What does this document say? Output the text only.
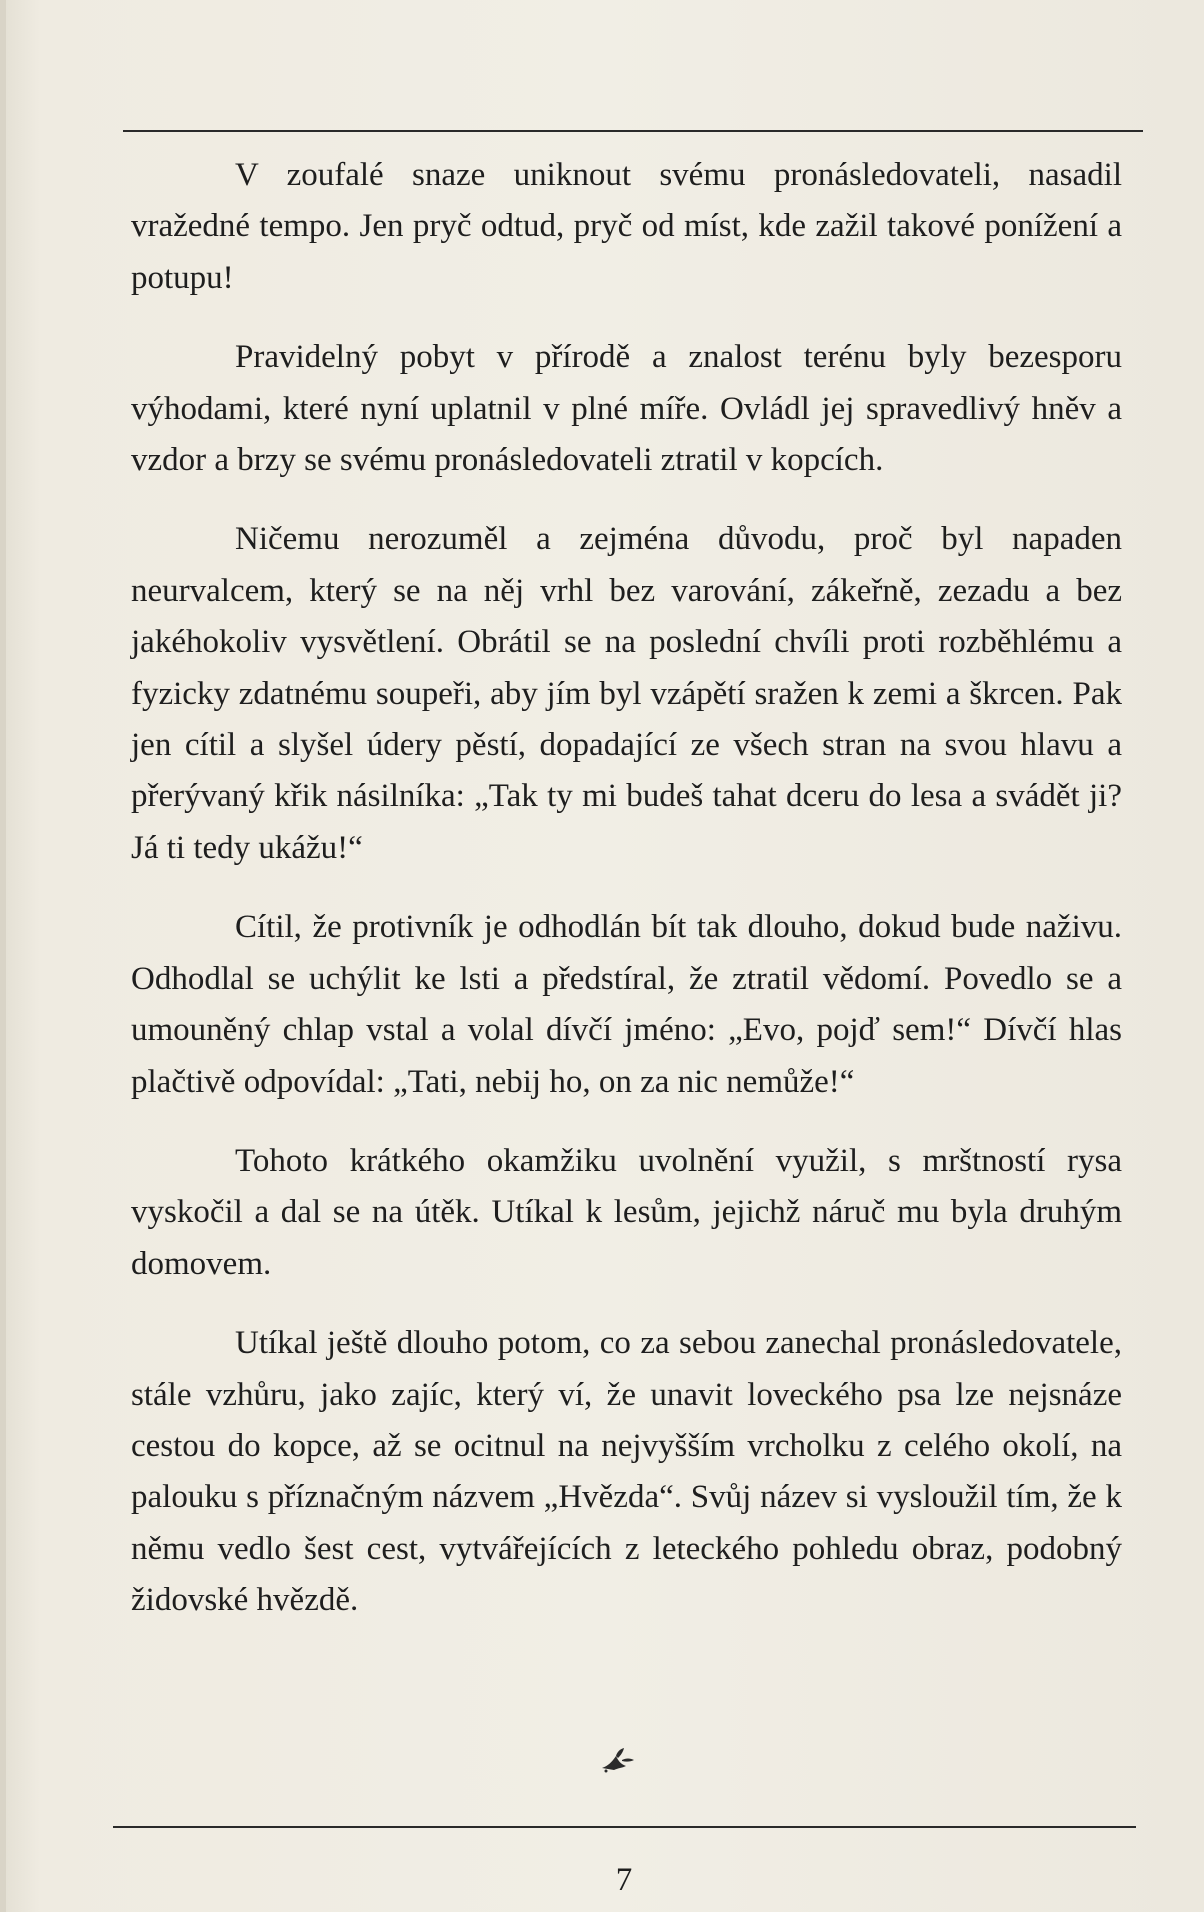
V zoufalé snaze uniknout svému pronásledovateli, nasadil vražedné tempo. Jen pryč odtud, pryč od míst, kde zažil takové ponížení a potupu!

Pravidelný pobyt v přírodě a znalost terénu byly bezesporu výhodami, které nyní uplatnil v plné míře. Ovládl jej spravedlivý hněv a vzdor a brzy se svému pronásledovateli ztratil v kopcích.

Ničemu nerozuměl a zejména důvodu, proč byl napaden neurvalcem, který se na něj vrhl bez varování, zákeřně, zezadu a bez jakéhokoliv vysvětlení. Obrátil se na poslední chvíli proti rozběhlému a fyzicky zdatnému soupeři, aby jím byl vzápětí sražen k zemi a škrcen. Pak jen cítil a slyšel údery pěstí, dopadající ze všech stran na svou hlavu a přerývaný křik násilníka: „Tak ty mi budeš tahat dceru do lesa a svádět ji? Já ti tedy ukážu!“

Cítil, že protivník je odhodlán bít tak dlouho, dokud bude naživu. Odhodlal se uchýlit ke lsti a předstíral, že ztratil vědomí. Povedlo se a umouněný chlap vstal a volal dívčí jméno: „Evo, pojď sem!“ Dívčí hlas plačtivě odpovídal: „Tati, nebij ho, on za nic nemůže!“

Tohoto krátkého okamžiku uvolnění využil, s mrštností rysa vyskočil a dal se na útěk. Utíkal k lesům, jejichž náruč mu byla druhým domovem.

Utíkal ještě dlouho potom, co za sebou zanechal pronásledovatele, stále vzhůru, jako zajíc, který ví, že unavit loveckého psa lze nejsnáze cestou do kopce, až se ocitnul na nejvyšším vrcholku z celého okolí, na palouku s příznačným názvem „Hvězda“. Svůj název si vysloužil tím, že k němu vedlo šest cest, vytvářejících z leteckého pohledu obraz, podobný židovské hvězdě.

7
